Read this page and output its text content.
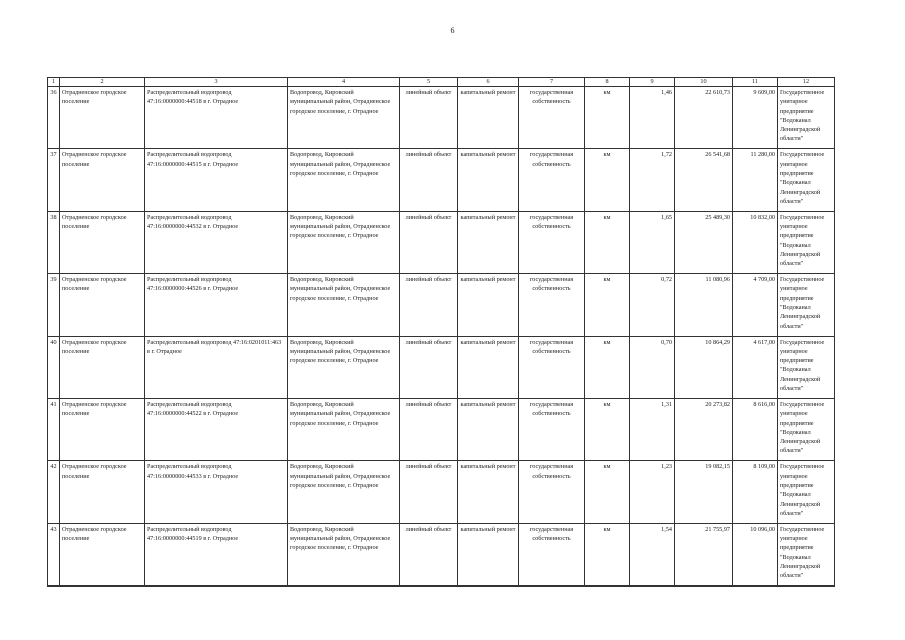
6
1	2	3	4	5	6	7	8	9	10	11	12
36	Отрадненское городское поселение	Распределительный водопровод 47:16:0000000:44518 в г. Отрадное	Водопровод, Кировский муниципальный район, Отрадненское городское поселение, г. Отрадное	линейный объект	капитальный ремонт	государственная собственность	км	1,46	22 610,73	9 609,00	Государственное унитарное предприятие "Водоканал Ленинградской области"
37	Отрадненское городское поселение	Распределительный водопровод 47:16:0000000:44515 в г. Отрадное	Водопровод, Кировский муниципальный район, Отрадненское городское поселение, г. Отрадное	линейный объект	капитальный ремонт	государственная собственность	км	1,72	26 541,68	11 280,00	Государственное унитарное предприятие "Водоканал Ленинградской области"
38	Отрадненское городское поселение	Распределительный водопровод 47:16:0000000:44532 в г. Отрадное	Водопровод, Кировский муниципальный район, Отрадненское городское поселение, г. Отрадное	линейный объект	капитальный ремонт	государственная собственность	км	1,65	25 489,30	10 832,00	Государственное унитарное предприятие "Водоканал Ленинградской области"
39	Отрадненское городское поселение	Распределительный водопровод 47:16:0000000:44526 в г. Отрадное	Водопровод, Кировский муниципальный район, Отрадненское городское поселение, г. Отрадное	линейный объект	капитальный ремонт	государственная собственность	км	0,72	11 080,96	4 709,00	Государственное унитарное предприятие "Водоканал Ленинградской области"
40	Отрадненское городское поселение	Распределительный водопровод 47:16:0201011:463 в г. Отрадное	Водопровод, Кировский муниципальный район, Отрадненское городское поселение, г. Отрадное	линейный объект	капитальный ремонт	государственная собственность	км	0,70	10 864,29	4 617,00	Государственное унитарное предприятие "Водоканал Ленинградской области"
41	Отрадненское городское поселение	Распределительный водопровод 47:16:0000000:44522 в г. Отрадное	Водопровод, Кировский муниципальный район, Отрадненское городское поселение, г. Отрадное	линейный объект	капитальный ремонт	государственная собственность	км	1,31	20 273,82	8 616,00	Государственное унитарное предприятие "Водоканал Ленинградской области"
42	Отрадненское городское поселение	Распределительный водопровод 47:16:0000000:44533 в г. Отрадное	Водопровод, Кировский муниципальный район, Отрадненское городское поселение, г. Отрадное	линейный объект	капитальный ремонт	государственная собственность	км	1,23	19 082,15	8 109,00	Государственное унитарное предприятие "Водоканал Ленинградской области"
43	Отрадненское городское поселение	Распределительный водопровод 47:16:0000000:44519 в г. Отрадное	Водопровод, Кировский муниципальный район, Отрадненское городское поселение, г. Отрадное	линейный объект	капитальный ремонт	государственная собственность	км	1,54	21 755,97	10 096,00	Государственное унитарное предприятие "Водоканал Ленинградской области"
